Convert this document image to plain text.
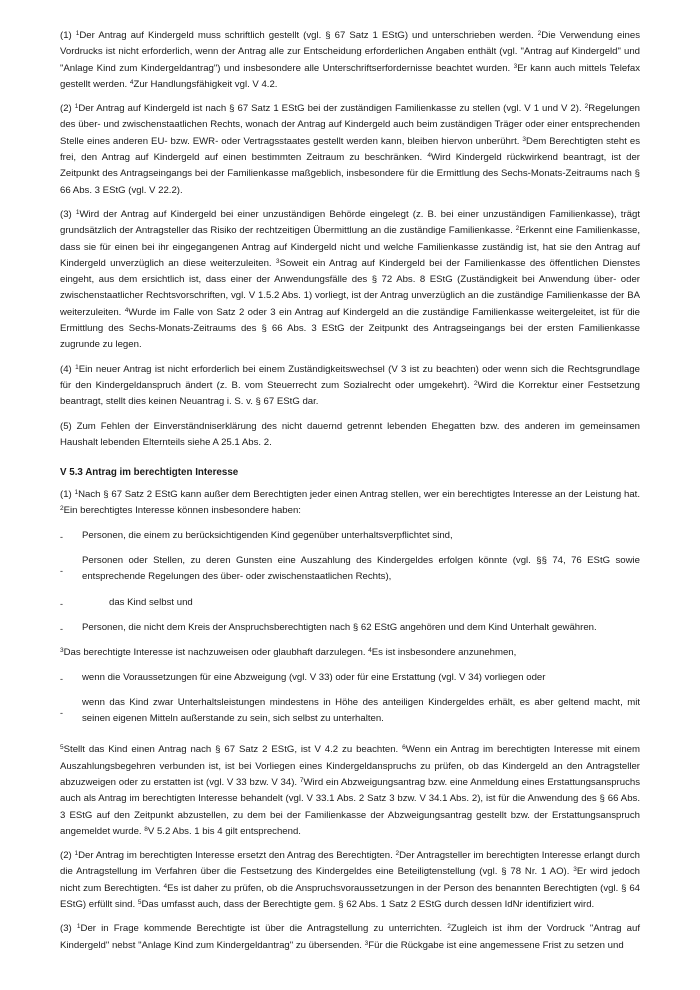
(1) $^1$Der Antrag auf Kindergeld muss schriftlich gestellt (vgl. § 67 Satz 1 EStG) und unterschrieben werden. $^2$Die Verwendung eines Vordrucks ist nicht erforderlich, wenn der Antrag alle zur Entscheidung erforderlichen Angaben enthält (vgl. "Antrag auf Kindergeld" und "Anlage Kind zum Kindergeldantrag") und insbesondere alle Unterschriftserfordernisse beachtet wurden. $^3$Er kann auch mittels Telefax gestellt werden. $^4$Zur Handlungsfähigkeit vgl. V 4.2.

(2) $^1$Der Antrag auf Kindergeld ist nach § 67 Satz 1 EStG bei der zuständigen Familienkasse zu stellen (vgl. V 1 und V 2). $^2$Regelungen des über- und zwischenstaatlichen Rechts, wonach der Antrag auf Kindergeld auch beim zuständigen Träger oder einer entsprechenden Stelle eines anderen EU- bzw. EWR- oder Vertragsstaates gestellt werden kann, bleiben hiervon unberührt. $^3$Dem Berechtigten steht es frei, den Antrag auf Kindergeld auf einen bestimmten Zeitraum zu beschränken. $^4$Wird Kindergeld rückwirkend beantragt, ist der Zeitpunkt des Antragseingangs bei der Familienkasse maßgeblich, insbesondere für die Ermittlung des Sechs-Monats-Zeitraums nach § 66 Abs. 3 EStG (vgl. V 22.2).

(3) $^1$Wird der Antrag auf Kindergeld bei einer unzuständigen Behörde eingelegt (z. B. bei einer unzuständigen Familienkasse), trägt grundsätzlich der Antragsteller das Risiko der rechtzeitigen Übermittlung an die zuständige Familienkasse. $^2$Erkennt eine Familienkasse, dass sie für einen bei ihr eingegangenen Antrag auf Kindergeld nicht und welche Familienkasse zuständig ist, hat sie den Antrag auf Kindergeld unverzüglich an diese weiterzuleiten. $^3$Soweit ein Antrag auf Kindergeld bei der Familienkasse des öffentlichen Dienstes eingeht, aus dem ersichtlich ist, dass einer der Anwendungsfälle des § 72 Abs. 8 EStG (Zuständigkeit bei Anwendung über- oder zwischenstaatlicher Rechtsvorschriften, vgl. V 1.5.2 Abs. 1) vorliegt, ist der Antrag unverzüglich an die zuständige Familienkasse der BA weiterzuleiten. $^4$Wurde im Falle von Satz 2 oder 3 ein Antrag auf Kindergeld an die zuständige Familienkasse weitergeleitet, ist für die Ermittlung des Sechs-Monats-Zeitraums des § 66 Abs. 3 EStG der Zeitpunkt des Antragseingangs bei der ersten Familienkasse zugrunde zu legen.

(4) $^1$Ein neuer Antrag ist nicht erforderlich bei einem Zuständigkeitswechsel (V 3 ist zu beachten) oder wenn sich die Rechtsgrundlage für den Kindergeldanspruch ändert (z. B. vom Steuerrecht zum Sozialrecht oder umgekehrt). $^2$Wird die Korrektur einer Festsetzung beantragt, stellt dies keinen Neuantrag i. S. v. § 67 EStG dar.

(5) Zum Fehlen der Einverständniserklärung des nicht dauernd getrennt lebenden Ehegatten bzw. des anderen im gemeinsamen Haushalt lebenden Elternteils siehe A 25.1 Abs. 2.

V 5.3 Antrag im berechtigten Interesse

(1) $^1$Nach § 67 Satz 2 EStG kann außer dem Berechtigten jeder einen Antrag stellen, wer ein berechtigtes Interesse an der Leistung hat. $^2$Ein berechtigtes Interesse können insbesondere haben:

- Personen, die einem zu berücksichtigenden Kind gegenüber unterhaltsverpflichtet sind,
-
Personen oder Stellen, zu deren Gunsten eine Auszahlung des Kindergeldes erfolgen könnte (vgl. §§ 74, 76 EStG sowie entsprechende Regelungen des über- oder zwischenstaatlichen Rechts),
-	das Kind selbst und
- Personen, die nicht dem Kreis der Anspruchsberechtigten nach § 62 EStG angehören und dem Kind Unterhalt gewähren.

$^3$Das berechtigte Interesse ist nachzuweisen oder glaubhaft darzulegen. $^4$Es ist insbesondere anzunehmen,

- wenn die Voraussetzungen für eine Abzweigung (vgl. V 33) oder für eine Erstattung (vgl. V 34) vorliegen oder
-
wenn das Kind zwar Unterhaltsleistungen mindestens in Höhe des anteiligen Kindergeldes erhält, es aber geltend macht, mit seinen eigenen Mitteln außerstande zu sein, sich selbst zu unterhalten.

$^5$Stellt das Kind einen Antrag nach § 67 Satz 2 EStG, ist V 4.2 zu beachten. $^6$Wenn ein Antrag im berechtigten Interesse mit einem Auszahlungsbegehren verbunden ist, ist bei Vorliegen eines Kindergeldanspruchs zu prüfen, ob das Kindergeld an den Antragsteller abzuzweigen oder zu erstatten ist (vgl. V 33 bzw. V 34). $^7$Wird ein Abzweigungsantrag bzw. eine Anmeldung eines Erstattungsanspruchs auch als Antrag im berechtigten Interesse behandelt (vgl. V 33.1 Abs. 2 Satz 3 bzw. V 34.1 Abs. 2), ist für die Anwendung des § 66 Abs. 3 EStG auf den Zeitpunkt abzustellen, zu dem bei der Familienkasse der Abzweigungsantrag gestellt bzw. der Erstattungsanspruch angemeldet wurde. $^8$V 5.2 Abs. 1 bis 4 gilt entsprechend.

(2) $^1$Der Antrag im berechtigten Interesse ersetzt den Antrag des Berechtigten. $^2$Der Antragsteller im berechtigten Interesse erlangt durch die Antragstellung im Verfahren über die Festsetzung des Kindergeldes eine Beteiligtenstellung (vgl. § 78 Nr. 1 AO). $^3$Er wird jedoch nicht zum Berechtigten. $^4$Es ist daher zu prüfen, ob die Anspruchsvoraussetzungen in der Person des benannten Berechtigten (vgl. § 64 EStG) erfüllt sind. $^5$Das umfasst auch, dass der Berechtigte gem. § 62 Abs. 1 Satz 2 EStG durch dessen IdNr identifiziert wird.

(3) $^1$Der in Frage kommende Berechtigte ist über die Antragstellung zu unterrichten. $^2$Zugleich ist ihm der Vordruck "Antrag auf Kindergeld" nebst "Anlage Kind zum Kindergeldantrag" zu übersenden. $^3$Für die Rückgabe ist eine angemessene Frist zu setzen und
